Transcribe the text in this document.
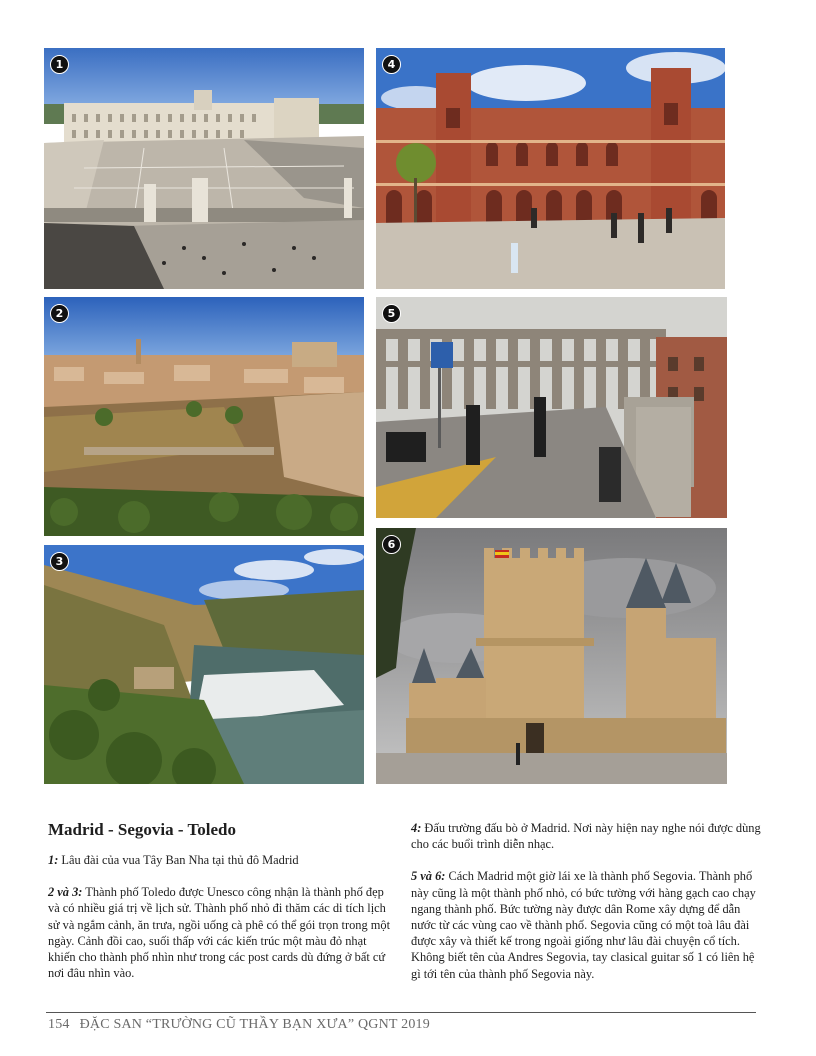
1	4
2	5
3
6
Madrid - Segovia - Toledo

1: Lâu đài của vua Tây Ban Nha tại thủ đô Madrid

2 và 3: Thành phố Toledo được Unesco công nhận là thành phố đẹp và có nhiều giá trị về lịch sử. Thành phố nhỏ đi thăm các di tích lịch sử và ngắm cảnh, ăn trưa, ngồi uống cà phê có thể gói trọn trong một ngày. Cảnh đồi cao, suối thấp với các kiến trúc một màu đỏ nhạt khiến cho thành phố nhìn như trong các post cards dù đứng ở bất cứ nơi đâu nhìn vào.

4: Đấu trường đấu bò ở Madrid. Nơi này hiện nay nghe nói được dùng cho các buổi trình diễn nhạc.

5 và 6: Cách Madrid một giờ lái xe là thành phố Segovia. Thành phố này cũng là một thành phố nhỏ, có bức tường với hàng gạch cao chạy ngang thành phố. Bức tường này được dân Rome xây dựng để dẫn nước từ các vùng cao về thành phố. Segovia cũng có một toà lâu đài được xây và thiết kế trong ngoài giống như lâu đài chuyện cổ tích.

Không biết tên của Andres Segovia, tay clasical guitar số 1 có liên hệ gì tới tên của thành phố Segovia này.

154 ĐẶC SAN “TRƯỜNG CŨ THẦY BẠN XƯA” QGNT 2019
